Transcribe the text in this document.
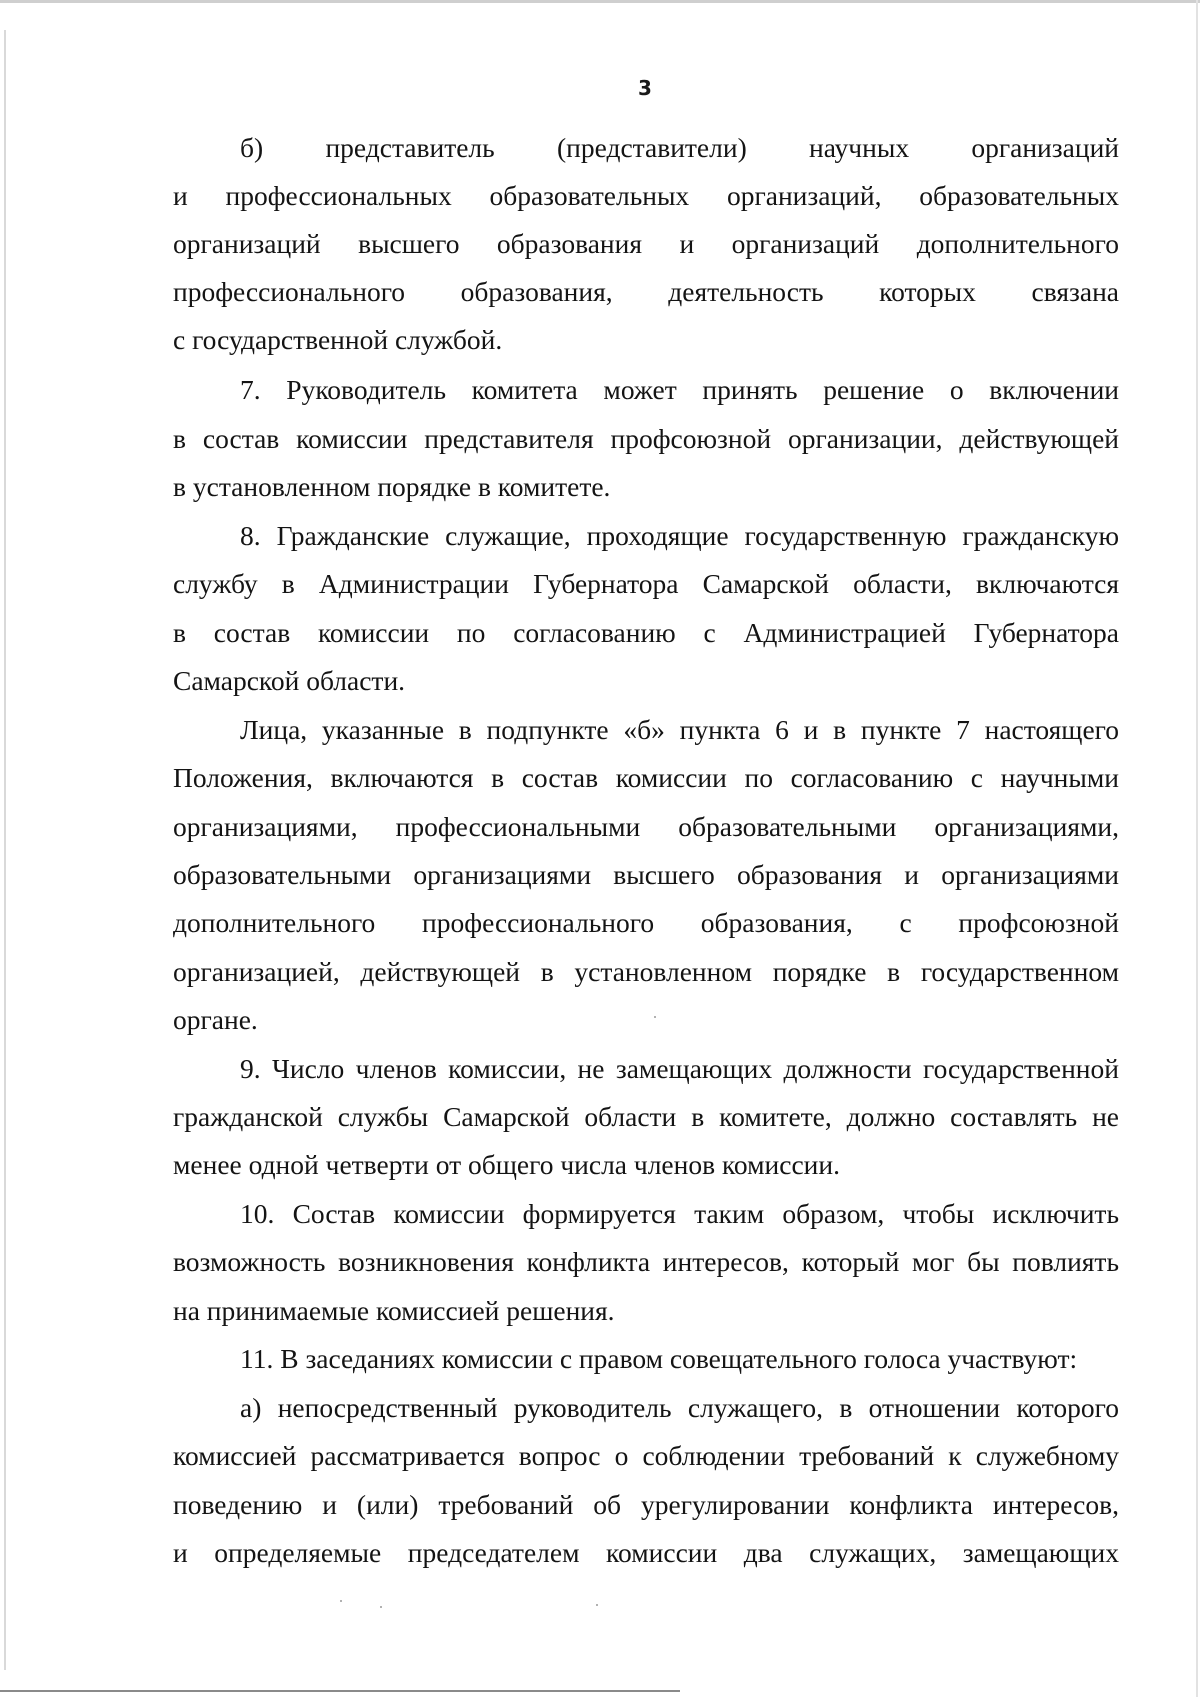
3
б) представитель (представители) научных организаций
и профессиональных образовательных организаций, образовательных
организаций высшего образования и организаций дополнительного
профессионального образования, деятельность которых связана
с государственной службой.
7. Руководитель комитета может принять решение о включении
в состав комиссии представителя профсоюзной организации, действующей
в установленном порядке в комитете.
8. Гражданские служащие, проходящие государственную гражданскую
службу в Администрации Губернатора Самарской области, включаются
в состав комиссии по согласованию с Администрацией Губернатора
Самарской области.
Лица, указанные в подпункте «б» пункта 6 и в пункте 7 настоящего
Положения, включаются в состав комиссии по согласованию с научными
организациями, профессиональными образовательными организациями,
образовательными организациями высшего образования и организациями
дополнительного профессионального образования, с профсоюзной
организацией, действующей в установленном порядке в государственном
органе.
9. Число членов комиссии, не замещающих должности государственной
гражданской службы Самарской области в комитете, должно составлять не
менее одной четверти от общего числа членов комиссии.
10. Состав комиссии формируется таким образом, чтобы исключить
возможность возникновения конфликта интересов, который мог бы повлиять
на принимаемые комиссией решения.
11. В заседаниях комиссии с правом совещательного голоса участвуют:
а) непосредственный руководитель служащего, в отношении которого
комиссией рассматривается вопрос о соблюдении требований к служебному
поведению и (или) требований об урегулировании конфликта интересов,
и определяемые председателем комиссии два служащих, замещающих
